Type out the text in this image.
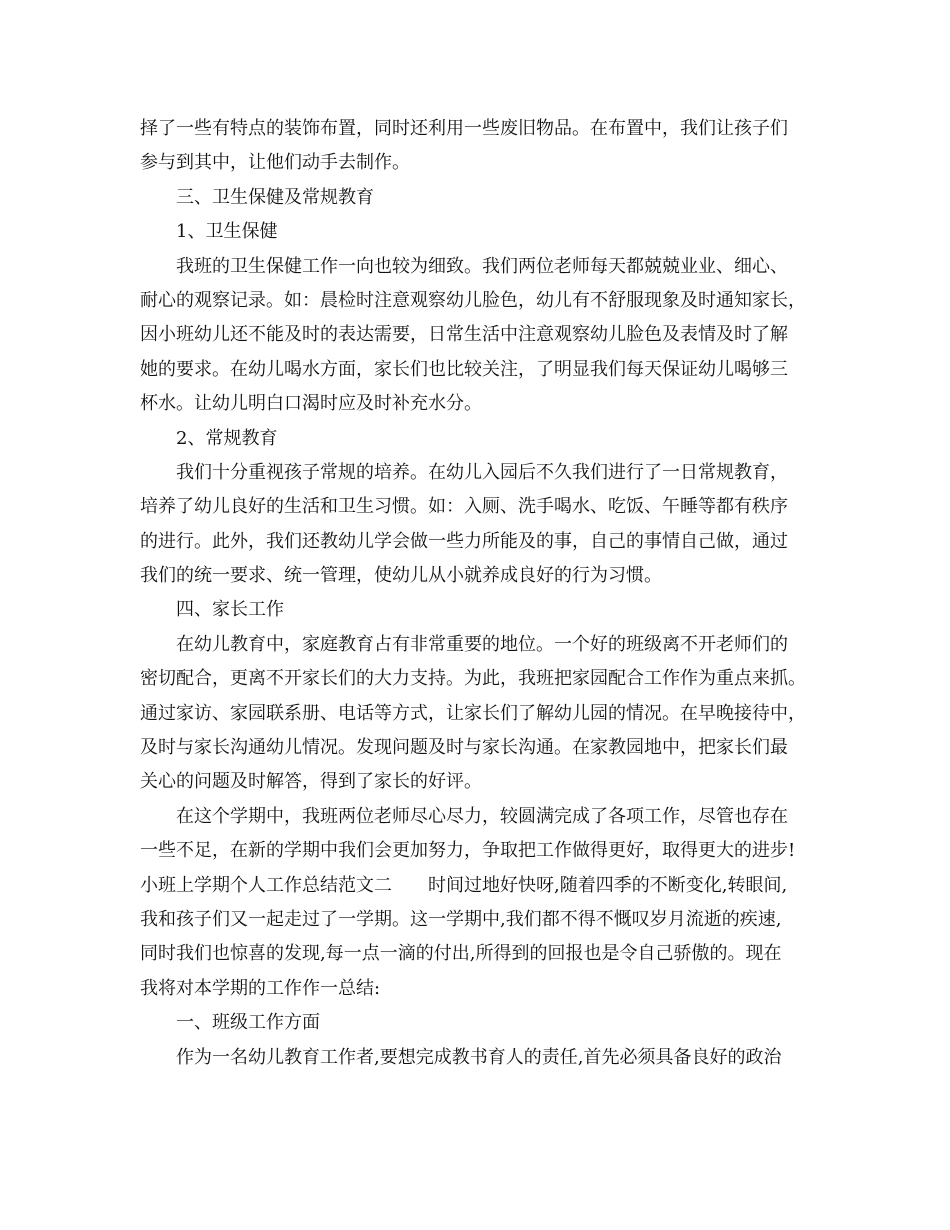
择了一些有特点的装饰布置，同时还利用一些废旧物品。在布置中，我们让孩子们
参与到其中，让他们动手去制作。
三、卫生保健及常规教育
1、卫生保健
我班的卫生保健工作一向也较为细致。我们两位老师每天都兢兢业业、细心、
耐心的观察记录。如：晨检时注意观察幼儿脸色，幼儿有不舒服现象及时通知家长，
因小班幼儿还不能及时的表达需要，日常生活中注意观察幼儿脸色及表情及时了解
她的要求。在幼儿喝水方面，家长们也比较关注，了明显我们每天保证幼儿喝够三
杯水。让幼儿明白口渴时应及时补充水分。
2、常规教育
我们十分重视孩子常规的培养。在幼儿入园后不久我们进行了一日常规教育，
培养了幼儿良好的生活和卫生习惯。如：入厕、洗手喝水、吃饭、午睡等都有秩序
的进行。此外，我们还教幼儿学会做一些力所能及的事，自己的事情自己做，通过
我们的统一要求、统一管理，使幼儿从小就养成良好的行为习惯。
四、家长工作
在幼儿教育中，家庭教育占有非常重要的地位。一个好的班级离不开老师们的
密切配合，更离不开家长们的大力支持。为此，我班把家园配合工作作为重点来抓。
通过家访、家园联系册、电话等方式，让家长们了解幼儿园的情况。在早晚接待中，
及时与家长沟通幼儿情况。发现问题及时与家长沟通。在家教园地中，把家长们最
关心的问题及时解答，得到了家长的好评。
在这个学期中，我班两位老师尽心尽力，较圆满完成了各项工作，尽管也存在
一些不足，在新的学期中我们会更加努力，争取把工作做得更好，取得更大的进步!
小班上学期个人工作总结范文二 时间过地好快呀,随着四季的不断变化,转眼间,
我和孩子们又一起走过了一学期。这一学期中,我们都不得不慨叹岁月流逝的疾速,
同时我们也惊喜的发现,每一点一滴的付出,所得到的回报也是令自己骄傲的。现在
我将对本学期的工作作一总结:
一、班级工作方面
作为一名幼儿教育工作者,要想完成教书育人的责任,首先必须具备良好的政治
